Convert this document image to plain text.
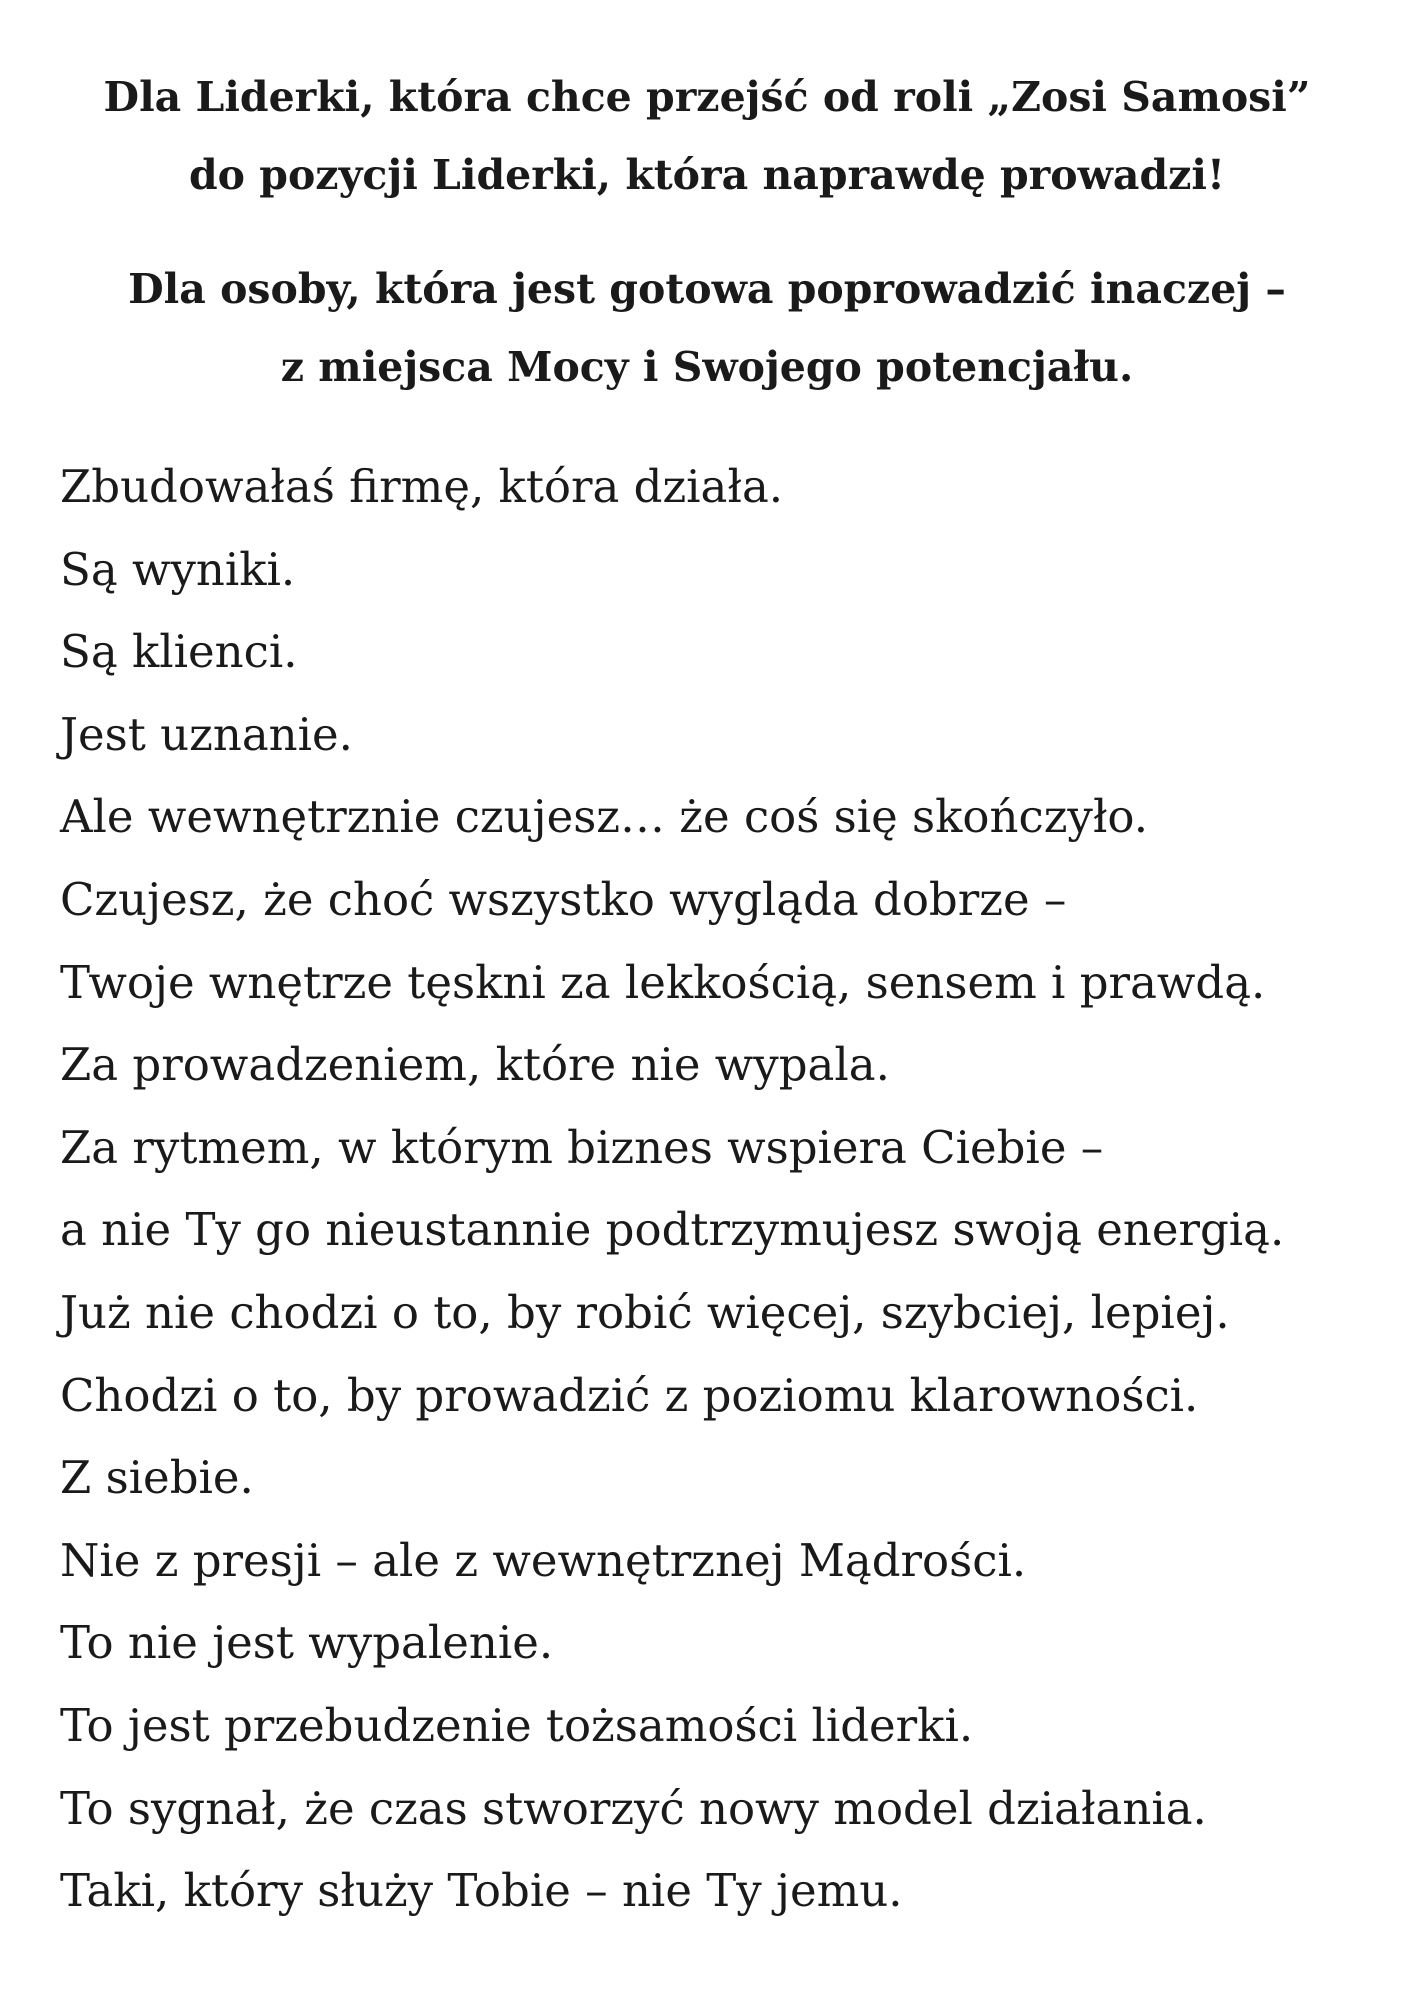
Dla Liderki, która chce przejść od roli „Zosi Samosi”
do pozycji Liderki, która naprawdę prowadzi!
Dla osoby, która jest gotowa poprowadzić inaczej –
z miejsca Mocy i Swojego potencjału.
Zbudowałaś firmę, która działa.
Są wyniki.
Są klienci.
Jest uznanie.
Ale wewnętrznie czujesz… że coś się skończyło.
Czujesz, że choć wszystko wygląda dobrze –
Twoje wnętrze tęskni za lekkością, sensem i prawdą.
Za prowadzeniem, które nie wypala.
Za rytmem, w którym biznes wspiera Ciebie –
a nie Ty go nieustannie podtrzymujesz swoją energią.
Już nie chodzi o to, by robić więcej, szybciej, lepiej.
Chodzi o to, by prowadzić z poziomu klarowności.
Z siebie.
Nie z presji – ale z wewnętrznej Mądrości.
To nie jest wypalenie.
To jest przebudzenie tożsamości liderki.
To sygnał, że czas stworzyć nowy model działania.
Taki, który służy Tobie – nie Ty jemu.
